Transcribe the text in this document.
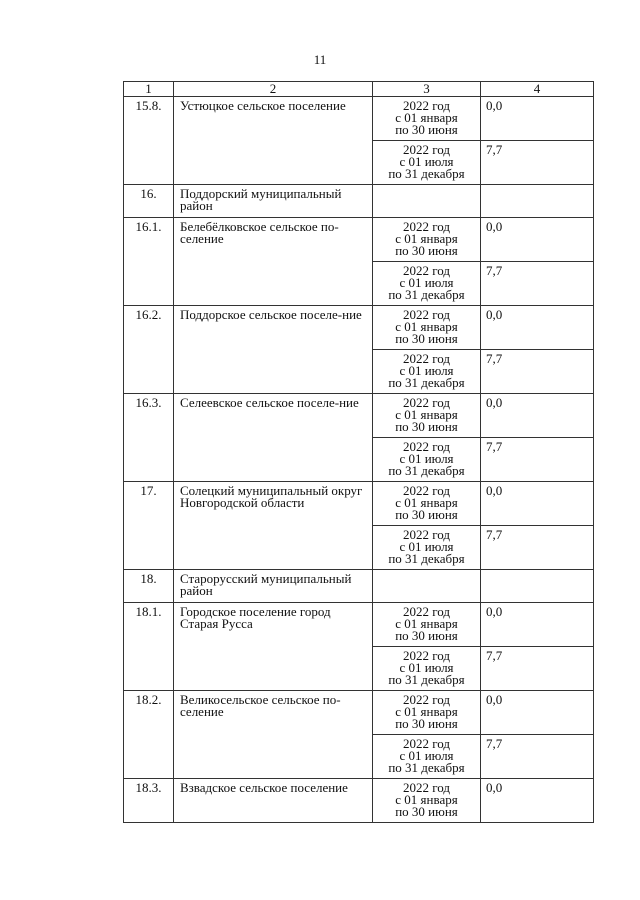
11
1	2	3	4
15.8.	Устюцкое сельское поселение	2022 год
с 01 января
по 30 июня	0,0

		2022 год
с 01 июля
по 31 декабря	7,7
16.	Поддорский муниципальный район		
16.1.	Белебёлковское сельское по-селение	2022 год
с 01 января
по 30 июня	0,0

		2022 год
с 01 июля
по 31 декабря	7,7
16.2.	Поддорское сельское поселе-ние	2022 год
с 01 января
по 30 июня	0,0

		2022 год
с 01 июля
по 31 декабря	7,7
16.3.	Селеевское сельское поселе-ние	2022 год
с 01 января
по 30 июня	0,0

		2022 год
с 01 июля
по 31 декабря	7,7
17.	Солецкий муниципальный округ Новгородской области	2022 год
с 01 января
по 30 июня	0,0

		2022 год
с 01 июля
по 31 декабря	7,7
18.	Старорусский муниципальный район		
18.1.	Городское поселение город Старая Русса	2022 год
с 01 января
по 30 июня	0,0

		2022 год
с 01 июля
по 31 декабря	7,7
18.2.	Великосельское сельское по-селение	2022 год
с 01 января
по 30 июня	0,0

		2022 год
с 01 июля
по 31 декабря	7,7
18.3.	Взвадское сельское поселение	2022 год
с 01 января
по 30 июня	0,0
